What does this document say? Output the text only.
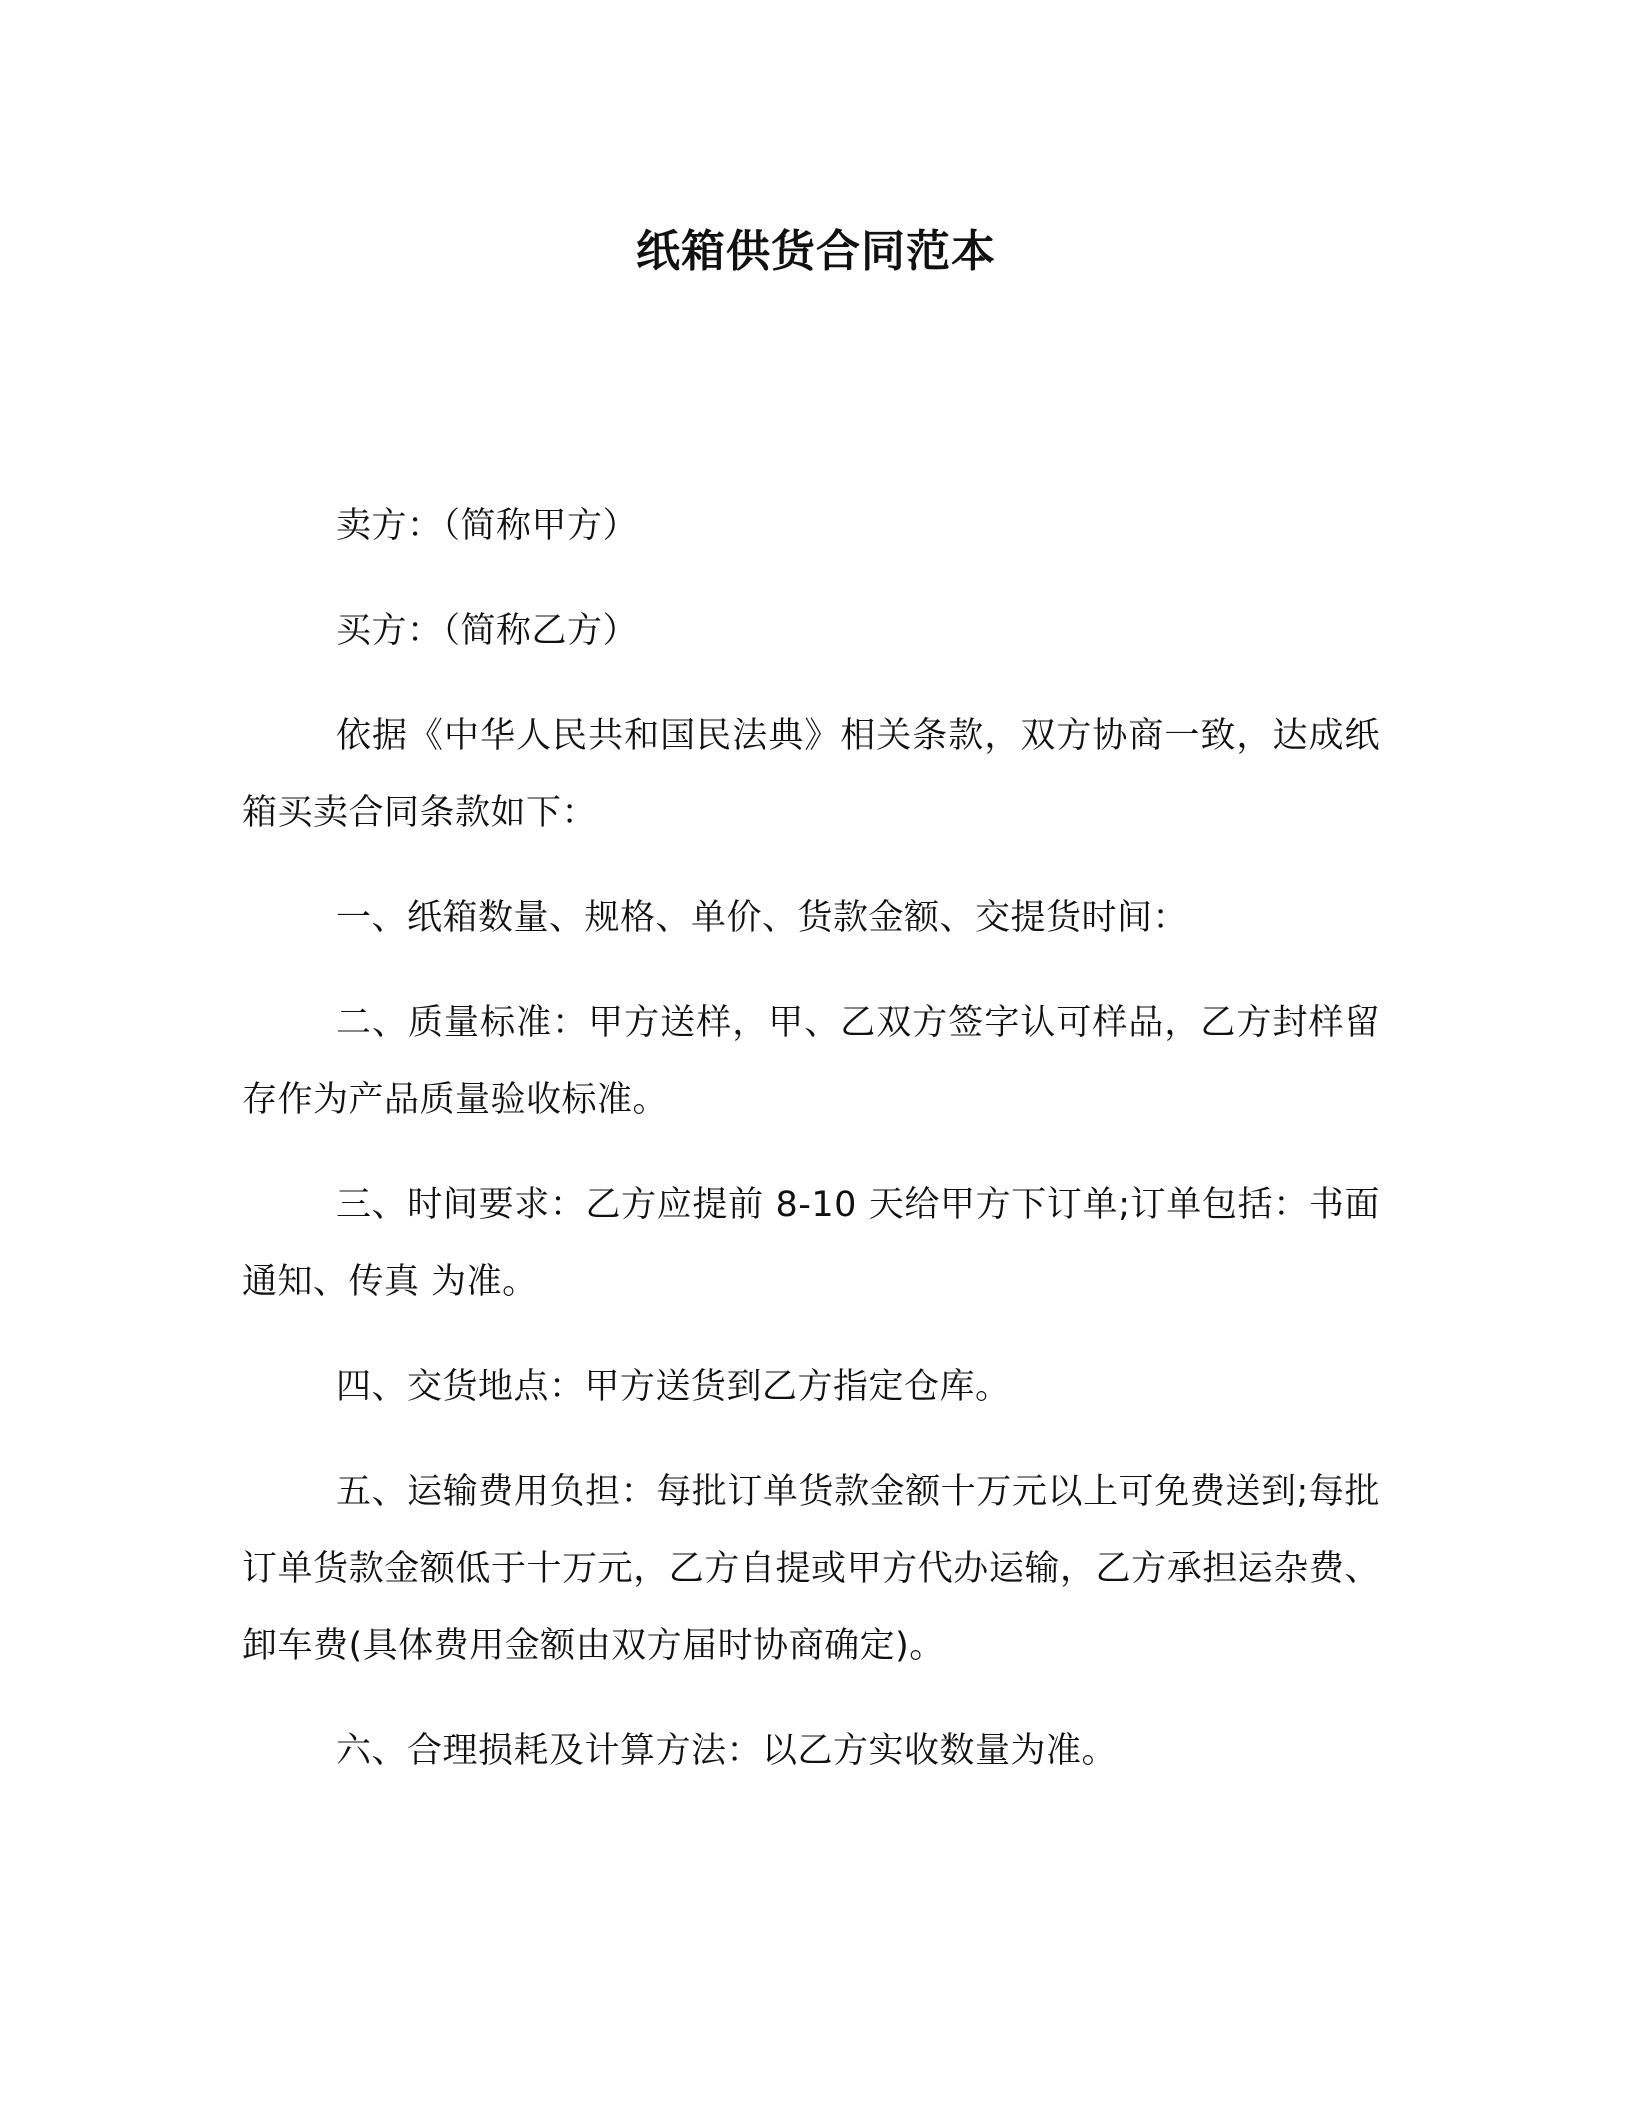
纸箱供货合同范本

卖方：（简称甲方）

买方：（简称乙方）

依据《中华人民共和国民法典》相关条款，双方协商一致，达成纸箱买卖合同条款如下：

一、纸箱数量、规格、单价、货款金额、交提货时间：

二、质量标准：甲方送样，甲、乙双方签字认可样品，乙方封样留存作为产品质量验收标准。

三、时间要求：乙方应提前 8-10 天给甲方下订单;订单包括：书面通知、传真 为准。

四、交货地点：甲方送货到乙方指定仓库。

五、运输费用负担：每批订单货款金额十万元以上可免费送到;每批订单货款金额低于十万元，乙方自提或甲方代办运输，乙方承担运杂费、卸车费(具体费用金额由双方届时协商确定)。

六、合理损耗及计算方法：以乙方实收数量为准。
